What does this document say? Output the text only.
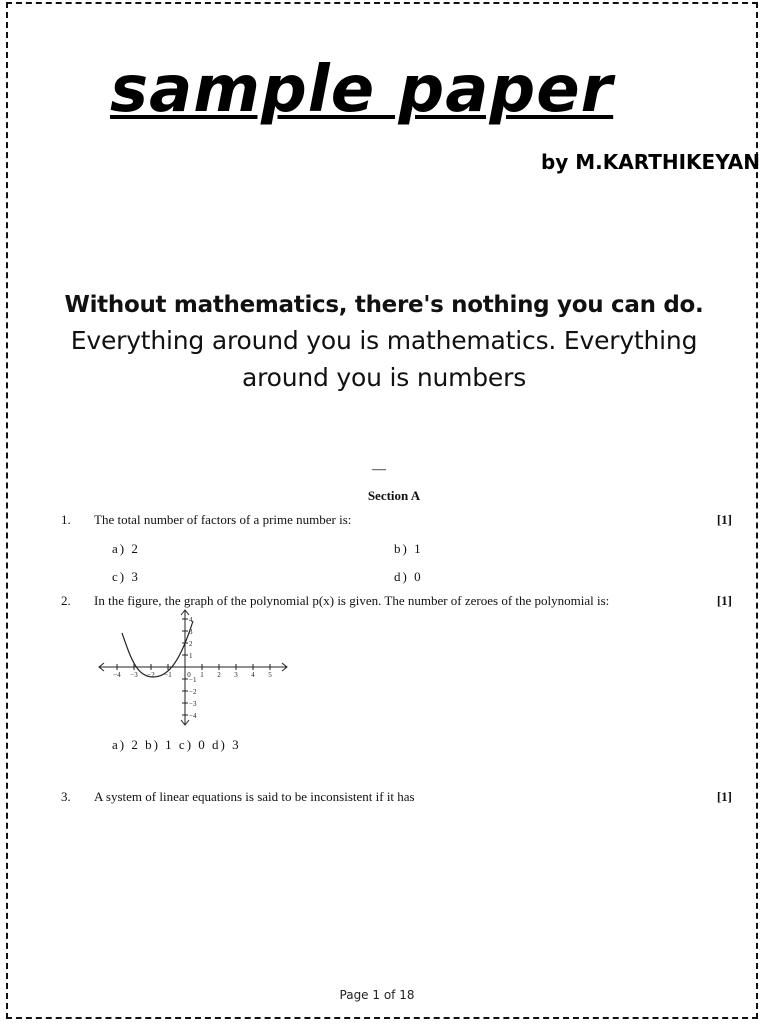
sample paper

by M.KARTHIKEYAN

Without mathematics, there's nothing you can do.
Everything around you is mathematics. Everything
around you is numbers
—
Section A
1. The total number of factors of a prime number is:	[1]
a) 2	b) 1
c) 3	d) 0
2. In the figure, the graph of the polynomial p(x) is given. The number of zeroes of the polynomial is:	[1]
−4 −3 −2 −1 0 1 2 3 4 5
4
3
2
1
−1
−2
−3
−4
a) 2 b) 1 c) 0 d) 3
3. A system of linear equations is said to be inconsistent if it has	[1]
Page 1 of 18
